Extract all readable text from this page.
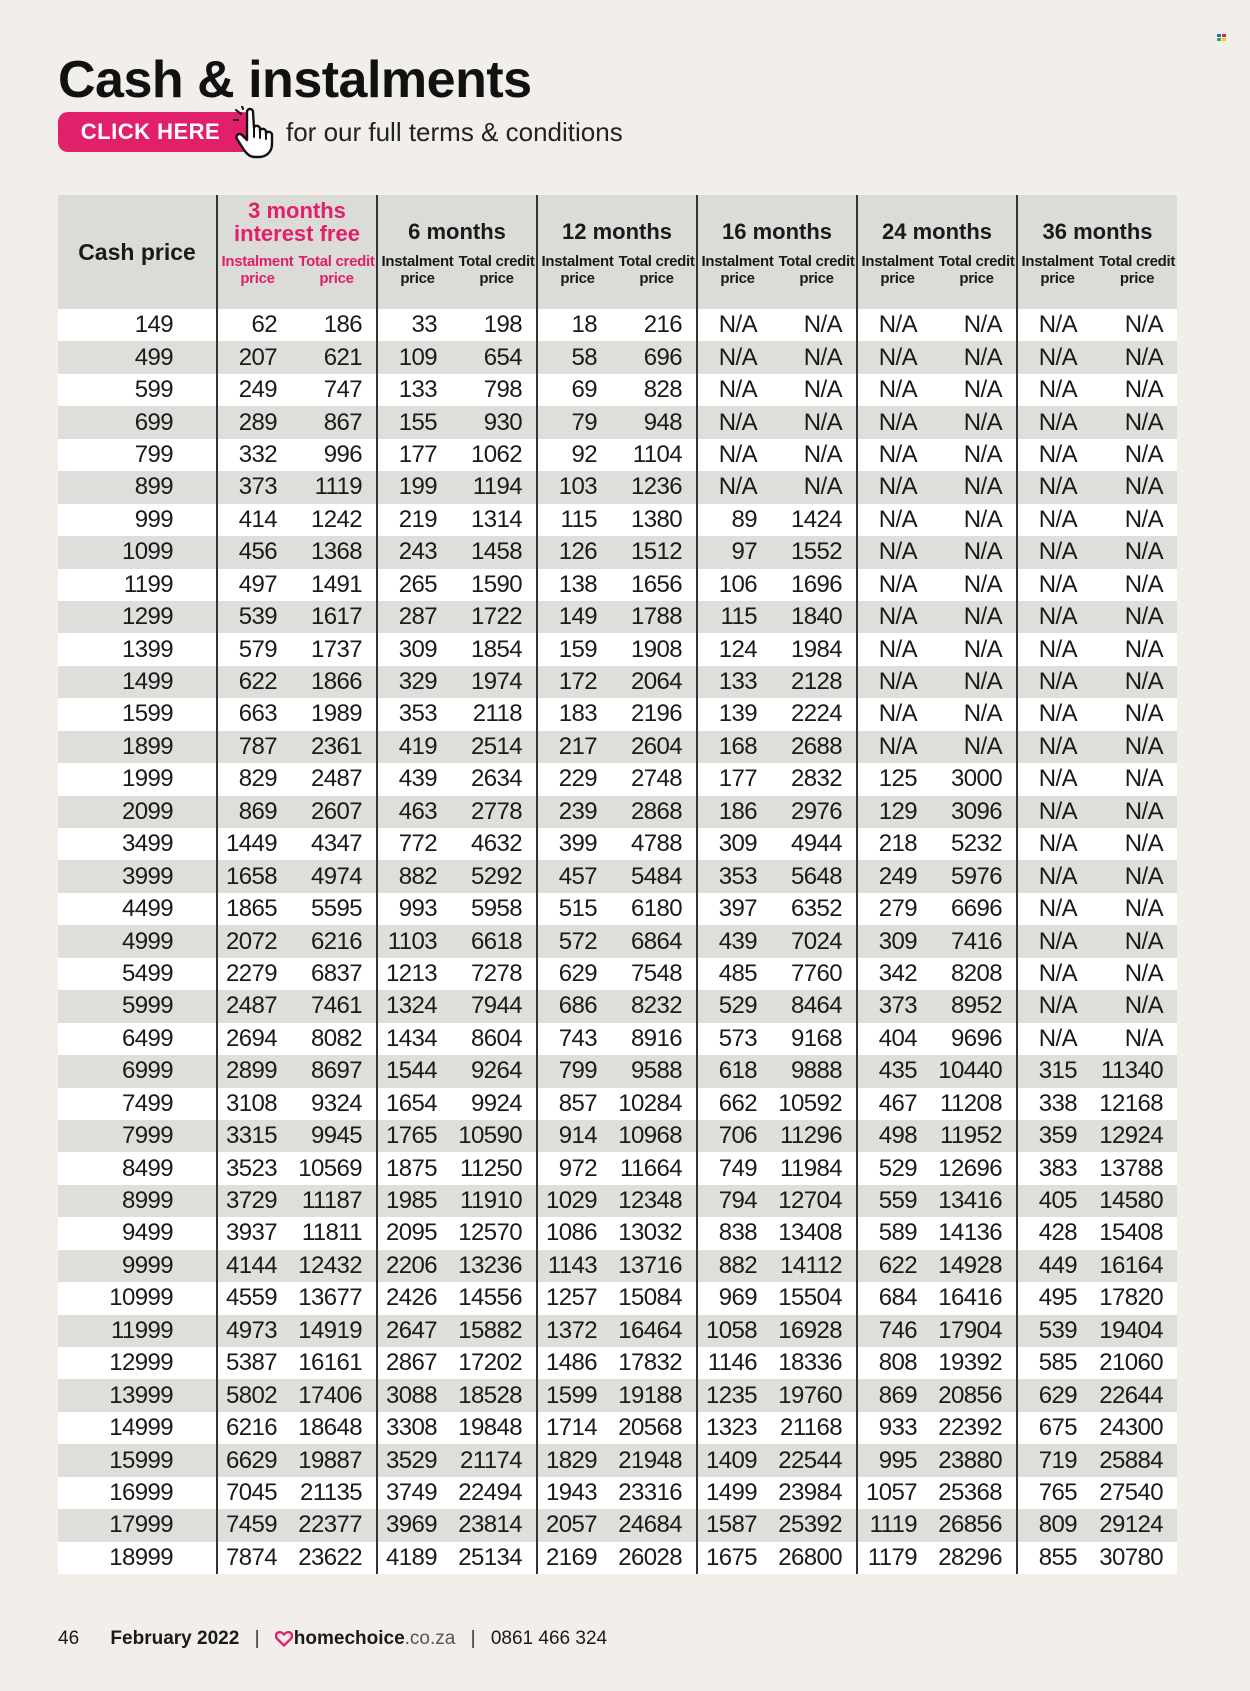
Cash & instalments
CLICK HERE	for our full terms & conditions
Cash price	3 months interest free		6 months		12 months		16 months		24 months		36 months	
	Instalment price	Total credit price	Instalment price	Total credit price	Instalment price	Total credit price	Instalment price	Total credit price	Instalment price	Total credit price	Instalment price	Total credit price
149	62	186	33	198	18	216	N/A	N/A	N/A	N/A	N/A	N/A
499	207	621	109	654	58	696	N/A	N/A	N/A	N/A	N/A	N/A
599	249	747	133	798	69	828	N/A	N/A	N/A	N/A	N/A	N/A
699	289	867	155	930	79	948	N/A	N/A	N/A	N/A	N/A	N/A
799	332	996	177	1062	92	1104	N/A	N/A	N/A	N/A	N/A	N/A
899	373	1119	199	1194	103	1236	N/A	N/A	N/A	N/A	N/A	N/A
999	414	1242	219	1314	115	1380	89	1424	N/A	N/A	N/A	N/A
1099	456	1368	243	1458	126	1512	97	1552	N/A	N/A	N/A	N/A
1199	497	1491	265	1590	138	1656	106	1696	N/A	N/A	N/A	N/A
1299	539	1617	287	1722	149	1788	115	1840	N/A	N/A	N/A	N/A
1399	579	1737	309	1854	159	1908	124	1984	N/A	N/A	N/A	N/A
1499	622	1866	329	1974	172	2064	133	2128	N/A	N/A	N/A	N/A
1599	663	1989	353	2118	183	2196	139	2224	N/A	N/A	N/A	N/A
1899	787	2361	419	2514	217	2604	168	2688	N/A	N/A	N/A	N/A
1999	829	2487	439	2634	229	2748	177	2832	125	3000	N/A	N/A
2099	869	2607	463	2778	239	2868	186	2976	129	3096	N/A	N/A
3499	1449	4347	772	4632	399	4788	309	4944	218	5232	N/A	N/A
3999	1658	4974	882	5292	457	5484	353	5648	249	5976	N/A	N/A
4499	1865	5595	993	5958	515	6180	397	6352	279	6696	N/A	N/A
4999	2072	6216	1103	6618	572	6864	439	7024	309	7416	N/A	N/A
5499	2279	6837	1213	7278	629	7548	485	7760	342	8208	N/A	N/A
5999	2487	7461	1324	7944	686	8232	529	8464	373	8952	N/A	N/A
6499	2694	8082	1434	8604	743	8916	573	9168	404	9696	N/A	N/A
6999	2899	8697	1544	9264	799	9588	618	9888	435	10440	315	11340
7499	3108	9324	1654	9924	857	10284	662	10592	467	11208	338	12168
7999	3315	9945	1765	10590	914	10968	706	11296	498	11952	359	12924
8499	3523	10569	1875	11250	972	11664	749	11984	529	12696	383	13788
8999	3729	11187	1985	11910	1029	12348	794	12704	559	13416	405	14580
9499	3937	11811	2095	12570	1086	13032	838	13408	589	14136	428	15408
9999	4144	12432	2206	13236	1143	13716	882	14112	622	14928	449	16164
10999	4559	13677	2426	14556	1257	15084	969	15504	684	16416	495	17820
11999	4973	14919	2647	15882	1372	16464	1058	16928	746	17904	539	19404
12999	5387	16161	2867	17202	1486	17832	1146	18336	808	19392	585	21060
13999	5802	17406	3088	18528	1599	19188	1235	19760	869	20856	629	22644
14999	6216	18648	3308	19848	1714	20568	1323	21168	933	22392	675	24300
15999	6629	19887	3529	21174	1829	21948	1409	22544	995	23880	719	25884
16999	7045	21135	3749	22494	1943	23316	1499	23984	1057	25368	765	27540
17999	7459	22377	3969	23814	2057	24684	1587	25392	1119	26856	809	29124
18999	7874	23622	4189	25134	2169	26028	1675	26800	1179	28296	855	30780
46 February 2022 | homechoice.co.za | 0861 466 324
